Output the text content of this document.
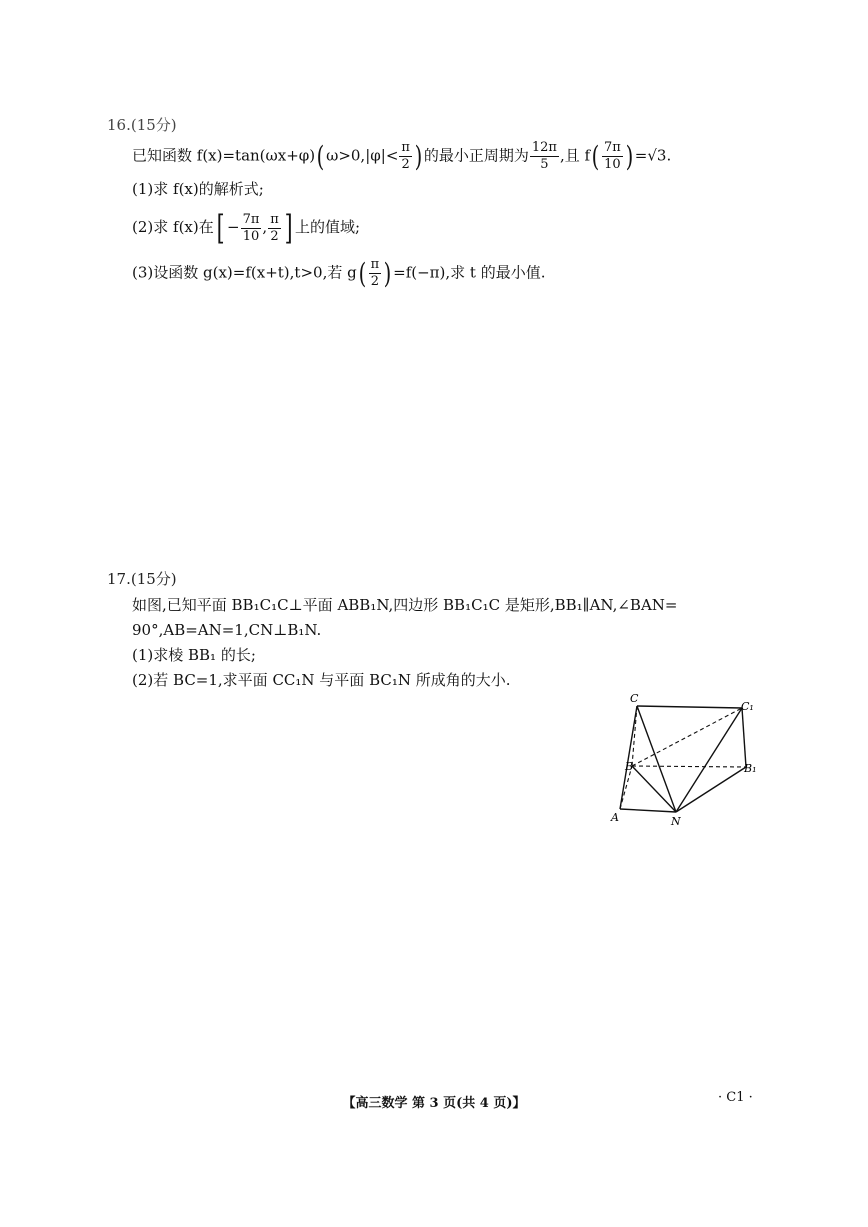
16.(15分)
已知函数 f(x)=tan(ωx+φ)( $\omega>0,|\varphi|< \frac{\pi}{2}$ ) 的最小正周期为 $\frac{12\pi}{5}$ ,且 $f( \frac{7\pi}{10}$ ) =√3.
(1)求 f(x)的解析式;
(2)求 f(x)在[ − $\frac{7\pi}{10}$ , $\frac{\pi}{2}$ ] 上的值域;
(3)设函数 g(x)=f(x+t),t>0,若 $g( \frac{\pi}{2}$ ) =f(−π),求 t 的最小值.
17.(15分)
如图,已知平面 BB₁C₁C⊥平面 ABB₁N,四边形 BB₁C₁C 是矩形,BB₁∥AN,∠BAN=
90°,AB=AN=1,CN⊥B₁N.
(1)求棱 BB₁ 的长;
(2)若 BC=1,求平面 CC₁N 与平面 BC₁N 所成角的大小.
C
C₁
B	B₁
A	N
【高三数学 第 3 页(共 4 页)】	· C1 ·
